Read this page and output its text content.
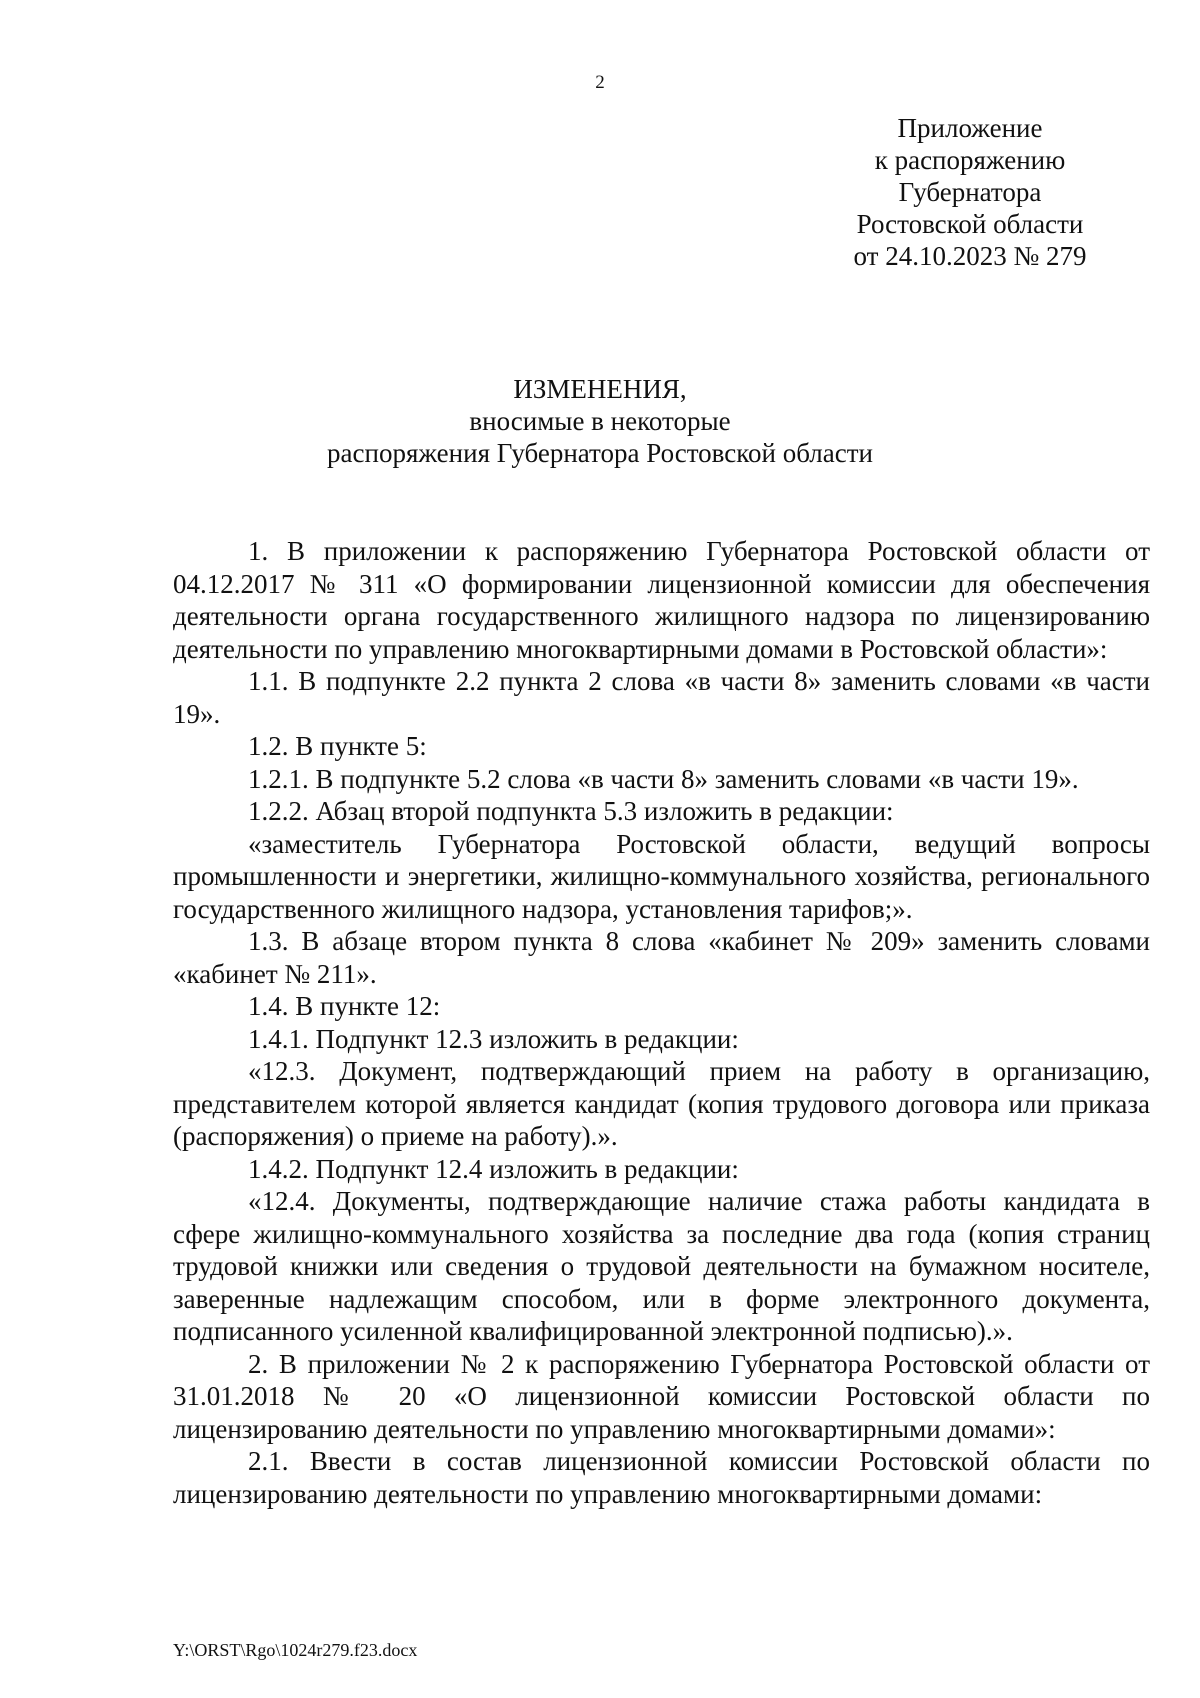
2
Приложение
к распоряжению
Губернатора
Ростовской области
от 24.10.2023 № 279
ИЗМЕНЕНИЯ,
вносимые в некоторые
распоряжения Губернатора Ростовской области

1. В приложении к распоряжению Губернатора Ростовской области от 04.12.2017 № 311 «О формировании лицензионной комиссии для обеспечения деятельности органа государственного жилищного надзора по лицензированию деятельности по управлению многоквартирными домами в Ростовской области»:

1.1. В подпункте 2.2 пункта 2 слова «в части 8» заменить словами «в части 19».

1.2. В пункте 5:

1.2.1. В подпункте 5.2 слова «в части 8» заменить словами «в части 19».

1.2.2. Абзац второй подпункта 5.3 изложить в редакции:

«заместитель Губернатора Ростовской области, ведущий вопросы промышленности и энергетики, жилищно-коммунального хозяйства, регионального государственного жилищного надзора, установления тарифов;».

1.3. В абзаце втором пункта 8 слова «кабинет № 209» заменить словами «кабинет № 211».

1.4. В пункте 12:

1.4.1. Подпункт 12.3 изложить в редакции:

«12.3. Документ, подтверждающий прием на работу в организацию, представителем которой является кандидат (копия трудового договора или приказа (распоряжения) о приеме на работу).».

1.4.2. Подпункт 12.4 изложить в редакции:

«12.4. Документы, подтверждающие наличие стажа работы кандидата в сфере жилищно-коммунального хозяйства за последние два года (копия страниц трудовой книжки или сведения о трудовой деятельности на бумажном носителе, заверенные надлежащим способом, или в форме электронного документа, подписанного усиленной квалифицированной электронной подписью).».

2. В приложении № 2 к распоряжению Губернатора Ростовской области от 31.01.2018 № 20 «О лицензионной комиссии Ростовской области по лицензированию деятельности по управлению многоквартирными домами»:

2.1. Ввести в состав лицензионной комиссии Ростовской области по лицензированию деятельности по управлению многоквартирными домами:

Y:\ORST\Rgo\1024r279.f23.docx
